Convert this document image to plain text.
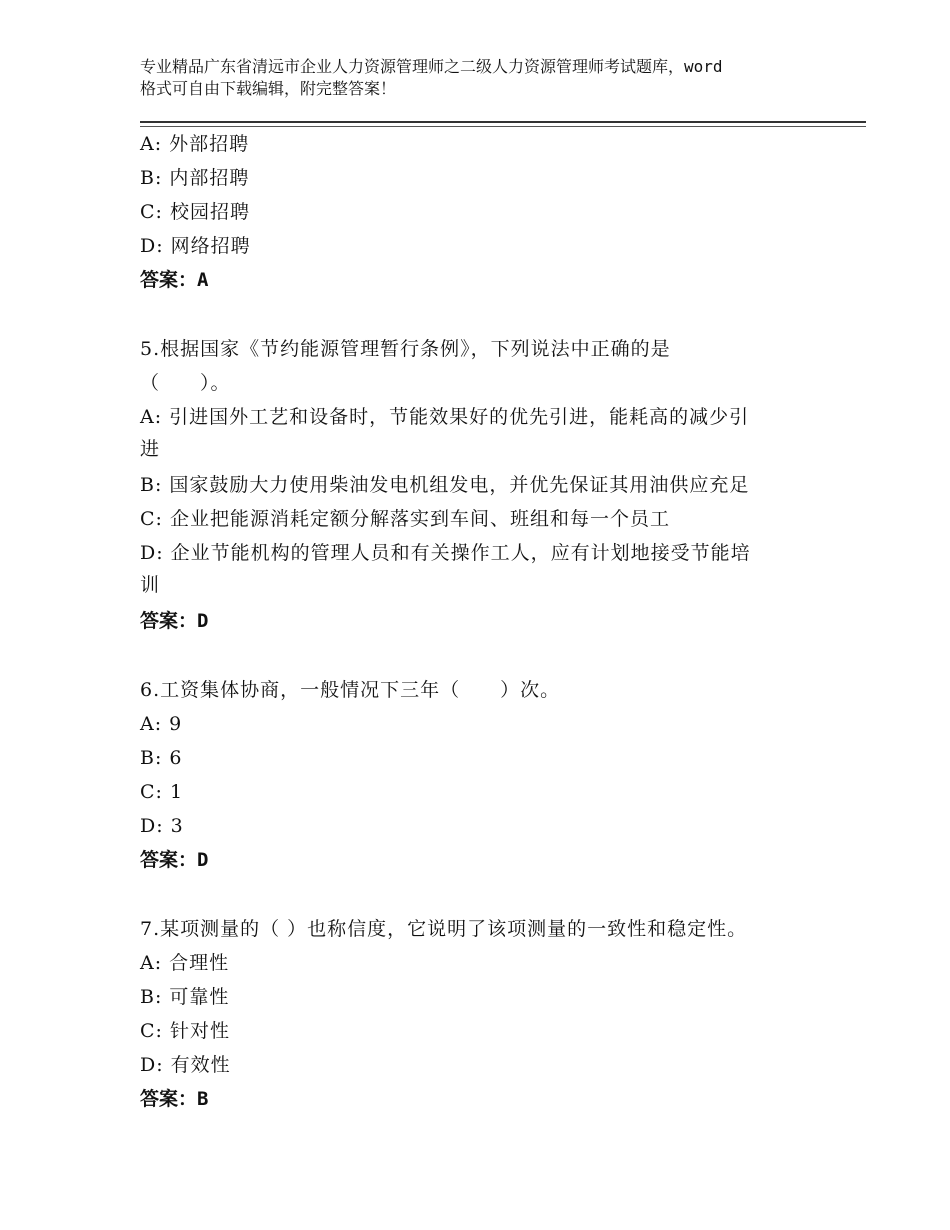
专业精品广东省清远市企业人力资源管理师之二级人力资源管理师考试题库，word
格式可自由下载编辑，附完整答案！
A: 外部招聘
B: 内部招聘
C: 校园招聘
D: 网络招聘
答案：A
5.根据国家《节约能源管理暂行条例》，下列说法中正确的是
（　　）。
A: 引进国外工艺和设备时，节能效果好的优先引进，能耗高的减少引
进
B: 国家鼓励大力使用柴油发电机组发电，并优先保证其用油供应充足
C: 企业把能源消耗定额分解落实到车间、班组和每一个员工
D: 企业节能机构的管理人员和有关操作工人，应有计划地接受节能培
训
答案：D
6.工资集体协商，一般情况下三年（　　）次。
A: 9
B: 6
C: 1
D: 3
答案：D
7.某项测量的（ ）也称信度，它说明了该项测量的一致性和稳定性。
A: 合理性
B: 可靠性
C: 针对性
D: 有效性
答案：B
